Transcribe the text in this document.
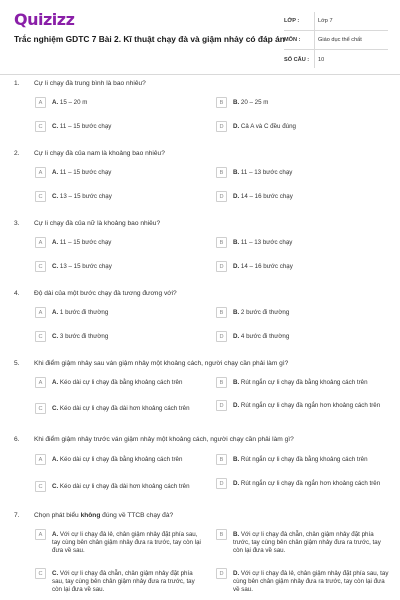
Quizizz
Trắc nghiệm GDTC 7 Bài 2. Kĩ thuật chạy đà và giậm nhảy có đáp án
LỚP :	Lớp 7
MÔN :	Giáo dục thể chất
SỐ CÂU :	10
1. Cự li chạy đà trung bình là bao nhiêu?
A	A. 15 – 20 m	B	B. 20 – 25 m
C	C. 11 – 15 bước chạy	D	D. Cả A và C đều đúng
2. Cự li chạy đà của nam là khoảng bao nhiêu?
A	A. 11 – 15 bước chạy	B	B. 11 – 13 bước chạy
C	C. 13 – 15 bước chạy	D	D. 14 – 16 bước chạy
3. Cự li chạy đà của nữ là khoảng bao nhiêu?
A	A. 11 – 15 bước chạy	B	B. 11 – 13 bước chạy
C	C. 13 – 15 bước chạy	D	D. 14 – 16 bước chạy
4. Độ dài của một bước chạy đà tương đương với?
A	A. 1 bước đi thường	B	B. 2 bước đi thường
C	C. 3 bước đi thường	D	D. 4 bước đi thường
5. Khi điểm giậm nhảy sau ván giậm nhảy một khoảng cách, người chạy cần phải làm gì?
A	A. Kéo dài cự li chạy đà bằng khoảng cách trên	B	B. Rút ngắn cự li chạy đà bằng khoảng cách trên
C	C. Kéo dài cự li chạy đà dài hơn khoảng cách trên	D	D. Rút ngắn cự li chạy đà ngắn hơn khoảng cách trên
6. Khi điểm giậm nhảy trước ván giậm nhảy một khoảng cách, người chạy cần phải làm gì?
A	A. Kéo dài cự li chạy đà bằng khoảng cách trên	B	B. Rút ngắn cự li chạy đà bằng khoảng cách trên
C	C. Kéo dài cự li chạy đà dài hơn khoảng cách trên	D	D. Rút ngắn cự li chạy đà ngắn hơn khoảng cách trên
7. Chọn phát biểu không đúng về TTCB chạy đà?
A	A. Với cự li chạy đà lẻ, chân giậm nhảy đặt phía sau, tay cùng bên chân giậm nhảy đưa ra trước, tay còn lại đưa về sau.
B	B. Với cự li chạy đà chẵn, chân giậm nhảy đặt phía trước, tay cùng bên chân giậm nhảy đưa ra trước, tay còn lại đưa về sau.
C	C. Với cự li chạy đà chẵn, chân giậm nhảy đặt phía sau, tay cùng bên chân giậm nhảy đưa ra trước, tay còn lại đưa về sau.
D	D. Với cự li chạy đà lẻ, chân giậm nhảy đặt phía sau, tay cùng bên chân giậm nhảy đưa ra trước, tay còn lại đưa về sau.
